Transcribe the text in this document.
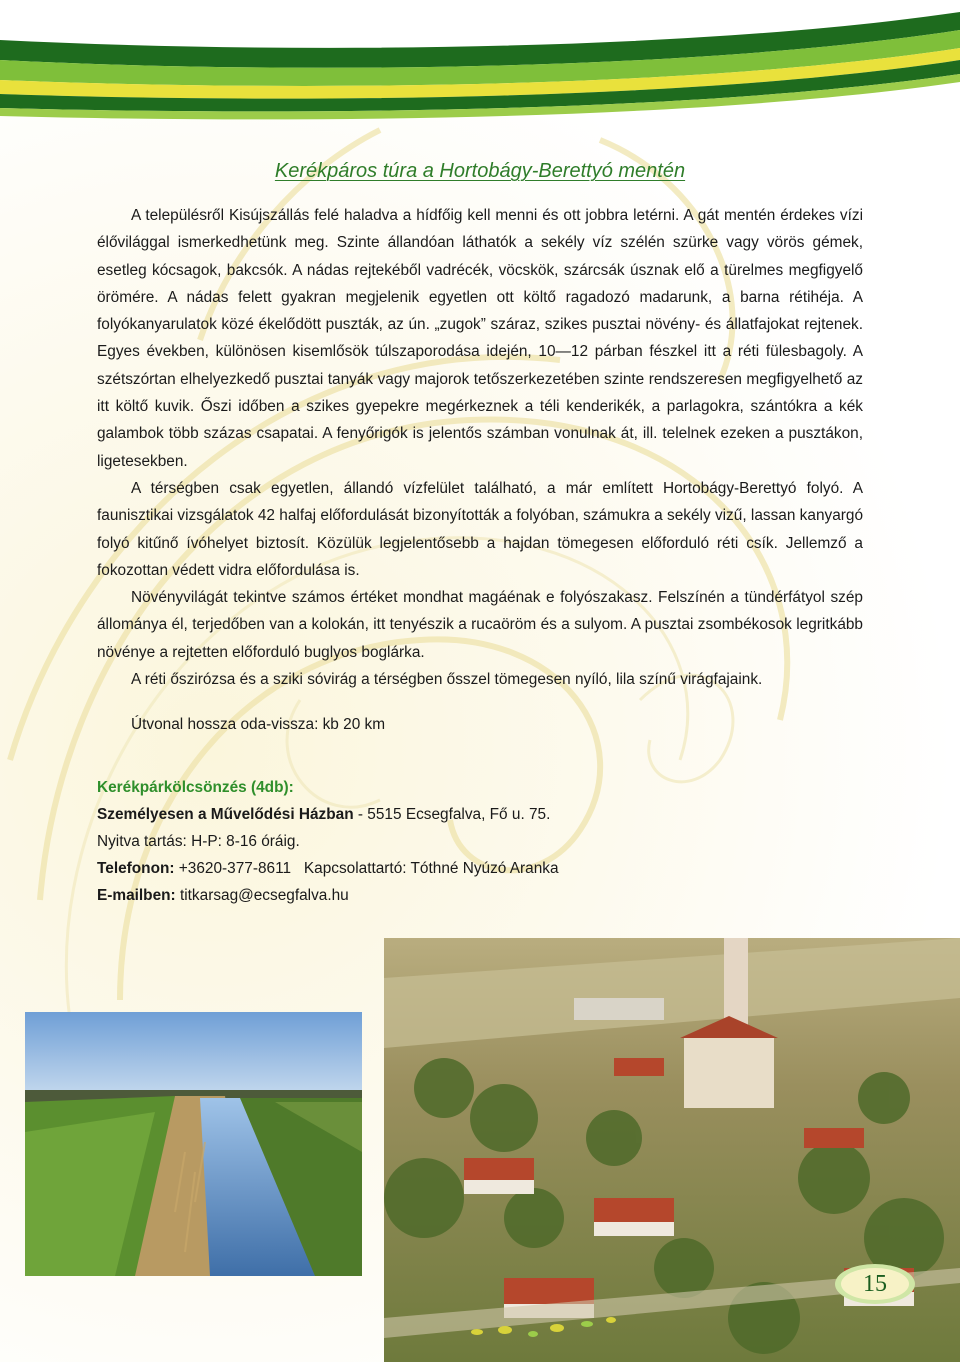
Kerékpáros túra a Hortobágy-Berettyó mentén

A településről Kisújszállás felé haladva a hídfőig kell menni és ott jobbra letérni. A gát mentén érdekes vízi élővilággal ismerkedhetünk meg. Szinte állandóan láthatók a sekély víz szélén szürke vagy vörös gémek, esetleg kócsagok, bakcsók. A nádas rejtekéből vadrécék, vöcskök, szárcsák úsznak elő a türelmes megfigyelő örömére. A nádas felett gyakran megjelenik egyetlen ott költő ragadozó madarunk, a barna rétihéja. A folyókanyarulatok közé ékelődött puszták, az ún. „zugok” száraz, szikes pusztai növény- és állatfajokat rejtenek. Egyes években, különösen kisemlősök túlszaporodása idején, 10—12 párban fészkel itt a réti fülesbagoly. A szétszórtan elhelyezkedő pusztai tanyák vagy majorok tetőszerkezetében szinte rendszeresen megfigyelhető az itt költő kuvik. Őszi időben a szikes gyepekre megérkeznek a téli kenderikék, a parlagokra, szántókra a kék galambok több százas csapatai. A fenyőrigók is jelentős számban vonulnak át, ill. telelnek ezeken a pusztákon, ligetesekben.

A térségben csak egyetlen, állandó vízfelület található, a már említett Hortobágy-Berettyó folyó. A faunisztikai vizsgálatok 42 halfaj előfordulását bizonyították a folyóban, számukra a sekély vizű, lassan kanyargó folyó kitűnő ívóhelyet biztosít. Közülük legjelentősebb a hajdan tömegesen előforduló réti csík. Jellemző a fokozottan védett vidra előfordulása is.

Növényvilágát tekintve számos értéket mondhat magáénak e folyószakasz. Felszínén a tündérfátyol szép állománya él, terjedőben van a kolokán, itt tenyészik a rucaöröm és a sulyom. A pusztai zsombékosok legritkább növénye a rejtetten előforduló buglyos boglárka.

A réti őszirózsa és a sziki sóvirág a térségben ősszel tömegesen nyíló, lila színű virágfajaink.

Útvonal hossza oda-vissza: kb 20 km
Kerékpárkölcsönzés (4db):
Személyesen a Művelődési Házban - 5515 Ecsegfalva, Fő u. 75.
Nyitva tartás: H-P: 8-16 óráig.
Telefonon: +3620-377-8611 Kapcsolattartó: Tóthné Nyúzó Aranka
E-mailben: titkarsag@ecsegfalva.hu
15
